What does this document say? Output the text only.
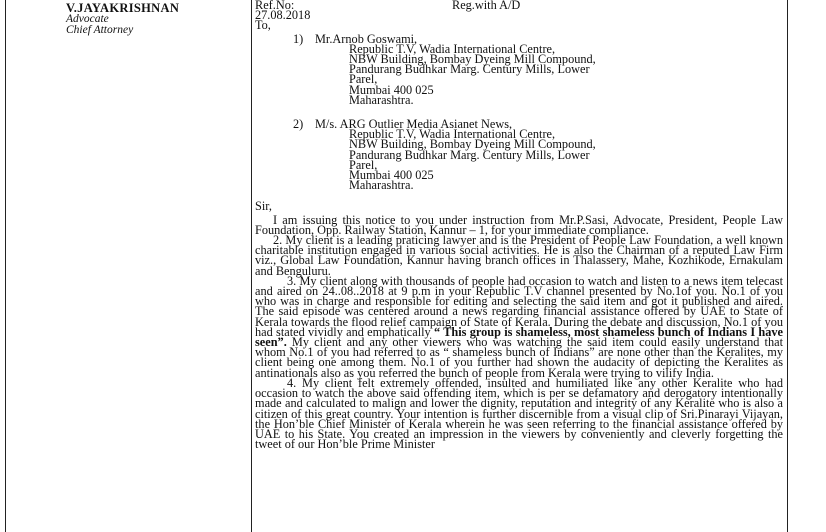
V.JAYAKRISHNAN
Advocate
Chief Attorney
Ref.No:	Reg.with A/D
27.08.2018
To,
1) Mr.Arnob Goswami,
Republic T.V, Wadia International Centre,
NBW Building, Bombay Dyeing Mill Compound,
Pandurang Budhkar Marg. Century Mills, Lower
Parel,
Mumbai 400 025
Maharashtra.
2) M/s. ARG Outlier Media Asianet News,
Republic T.V, Wadia International Centre,
NBW Building, Bombay Dyeing Mill Compound,
Pandurang Budhkar Marg. Century Mills, Lower
Parel,
Mumbai 400 025
Maharashtra.
Sir,
I am issuing this notice to you under instruction from Mr.P.Sasi, Advocate, President, People Law Foundation, Opp. Railway Station, Kannur – 1, for your immediate compliance.
2. My client is a leading praticing lawyer and is the President of People Law Foundation, a well known charitable institution engaged in various social activities. He is also the Chairman of a reputed Law Firm viz., Global Law Foundation, Kannur having branch offices in Thalassery, Mahe, Kozhikode, Ernakulam and Benguluru.
3. My client along with thousands of people had occasion to watch and listen to a news item telecast and aired on 24..08..2018 at 9 p.m in your Republic T.V channel presented by No.1of you. No.1 of you who was in charge and responsible for editing and selecting the said item and got it published and aired. The said episode was centered around a news regarding financial assistance offered by UAE to State of Kerala towards the flood relief campaign of State of Kerala. During the debate and discussion, No.1 of you had stated vividly and emphatically “ This group is shameless, most shameless bunch of Indians I have seen”. My client and any other viewers who was watching the said item could easily understand that whom No.1 of you had referred to as “ shameless bunch of Indians” are none other than the Keralites, my client being one among them. No.1 of you further had shown the audacity of depicting the Keralites as antinationals also as you referred the bunch of people from Kerala were trying to vilify India.
4. My client felt extremely offended, insulted and humiliated like any other Keralite who had occasion to watch the above said offending item, which is per se defamatory and derogatory intentionally made and calculated to malign and lower the dignity, reputation and integrity of any Keralite who is also a citizen of this great country. Your intention is further discernible from a visual clip of Sri.Pinarayi Vijayan, the Hon’ble Chief Minister of Kerala wherein he was seen referring to the financial assistance offered by UAE to his State. You created an impression in the viewers by conveniently and cleverly forgetting the tweet of our Hon’ble Prime Minister
